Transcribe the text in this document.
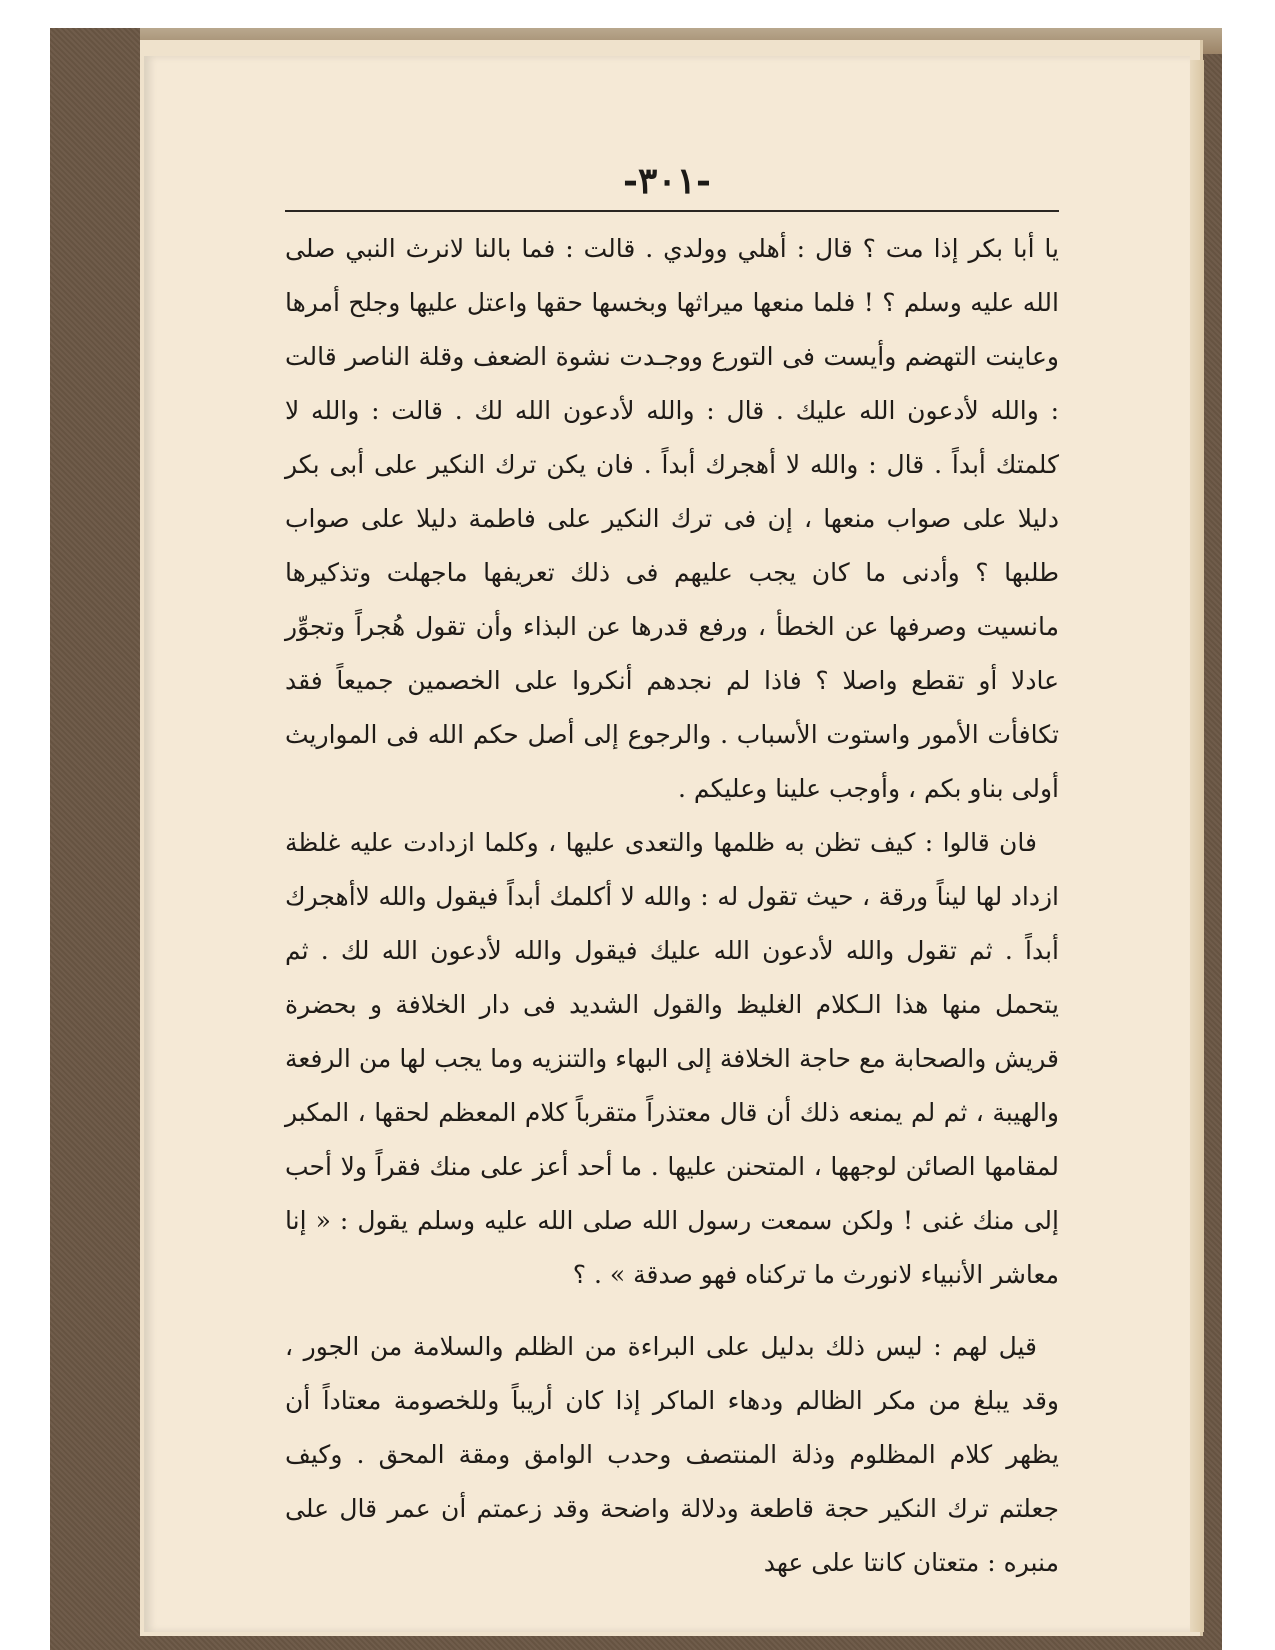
-٣٠١-

يا أبا بكر إذا مت ؟ قال : أهلي وولدي . قالت : فما بالنا لانرث النبي صلى الله عليه وسلم ؟ ! فلما منعها ميراثها وبخسها حقها واعتل عليها وجلح أمرها وعاينت التهضم وأيست فى التورع ووجـدت نشوة الضعف وقلة الناصر قالت : والله لأدعون الله عليك . قال : والله لأدعون الله لك . قالت : والله لا كلمتك أبداً . قال : والله لا أهجرك أبداً . فان يكن ترك النكير على أبى بكر دليلا على صواب منعها ، إن فى ترك النكير على فاطمة دليلا على صواب طلبها ؟ وأدنى ما كان يجب عليهم فى ذلك تعريفها ماجهلت وتذكيرها مانسيت وصرفها عن الخطأ ، ورفع قدرها عن البذاء وأن تقول هُجراً وتجوِّر عادلا أو تقطع واصلا ؟ فاذا لم نجدهم أنكروا على الخصمين جميعاً فقد تكافأت الأمور واستوت الأسباب . والرجوع إلى أصل حكم الله فى المواريث أولى بناو بكم ، وأوجب علينا وعليكم .

فان قالوا : كيف تظن به ظلمها والتعدى عليها ، وكلما ازدادت عليه غلظة ازداد لها ليناً ورقة ، حيث تقول له : والله لا أكلمك أبداً فيقول والله لاأهجرك أبداً . ثم تقول والله لأدعون الله عليك فيقول والله لأدعون الله لك . ثم يتحمل منها هذا الـكلام الغليظ والقول الشديد فى دار الخلافة و بحضرة قريش والصحابة مع حاجة الخلافة إلى البهاء والتنزيه وما يجب لها من الرفعة والهيبة ، ثم لم يمنعه ذلك أن قال معتذراً متقرباً كلام المعظم لحقها ، المكبر لمقامها الصائن لوجهها ، المتحنن عليها . ما أحد أعز على منك فقراً ولا أحب إلى منك غنى ! ولكن سمعت رسول الله صلى الله عليه وسلم يقول : « إنا معاشر الأنبياء لانورث ما تركناه فهو صدقة » . ؟

قيل لهم : ليس ذلك بدليل على البراءة من الظلم والسلامة من الجور ، وقد يبلغ من مكر الظالم ودهاء الماكر إذا كان أريباً وللخصومة معتاداً أن يظهر كلام المظلوم وذلة المنتصف وحدب الوامق ومقة المحق . وكيف جعلتم ترك النكير حجة قاطعة ودلالة واضحة وقد زعمتم أن عمر قال على منبره : متعتان كانتا على عهد
